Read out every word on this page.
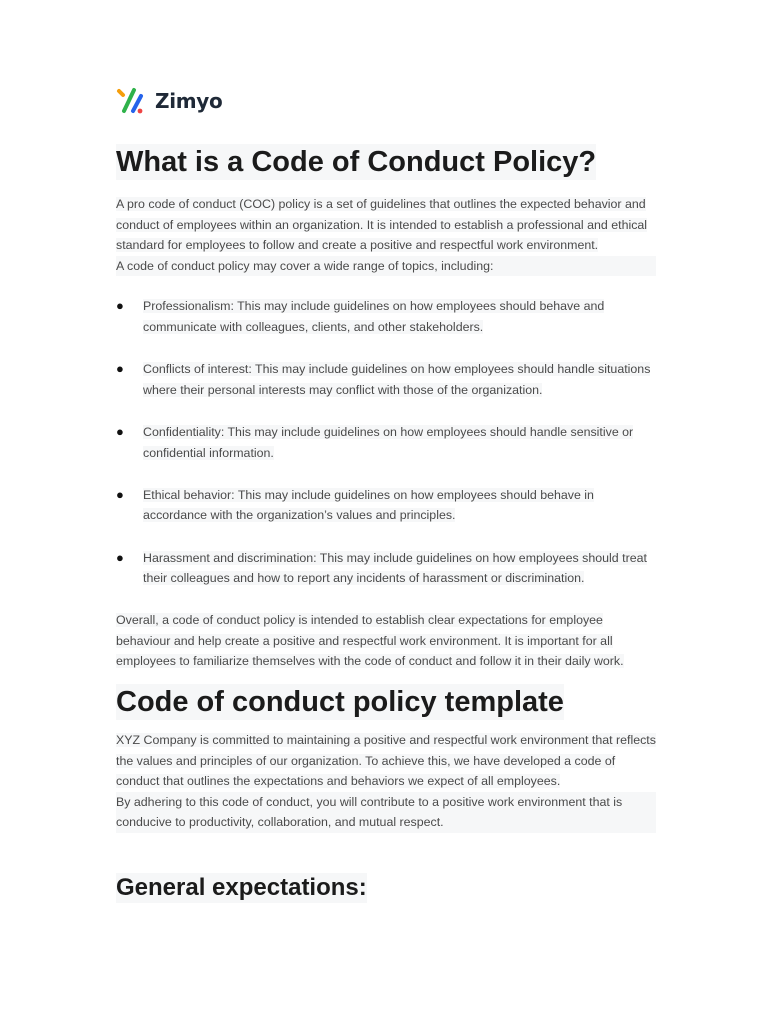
Zimyo
What is a Code of Conduct Policy?

A pro code of conduct (COC) policy is a set of guidelines that outlines the expected behavior and conduct of employees within an organization. It is intended to establish a professional and ethical standard for employees to follow and create a positive and respectful work environment.
A code of conduct policy may cover a wide range of topics, including:

● Professionalism: This may include guidelines on how employees should behave and communicate with colleagues, clients, and other stakeholders.
● Conflicts of interest: This may include guidelines on how employees should handle situations where their personal interests may conflict with those of the organization.
● Confidentiality: This may include guidelines on how employees should handle sensitive or confidential information.
● Ethical behavior: This may include guidelines on how employees should behave in accordance with the organization’s values and principles.
● Harassment and discrimination: This may include guidelines on how employees should treat their colleagues and how to report any incidents of harassment or discrimination.

Overall, a code of conduct policy is intended to establish clear expectations for employee behaviour and help create a positive and respectful work environment. It is important for all employees to familiarize themselves with the code of conduct and follow it in their daily work.

Code of conduct policy template

XYZ Company is committed to maintaining a positive and respectful work environment that reflects the values and principles of our organization. To achieve this, we have developed a code of conduct that outlines the expectations and behaviors we expect of all employees.
By adhering to this code of conduct, you will contribute to a positive work environment that is conducive to productivity, collaboration, and mutual respect.

General expectations:
